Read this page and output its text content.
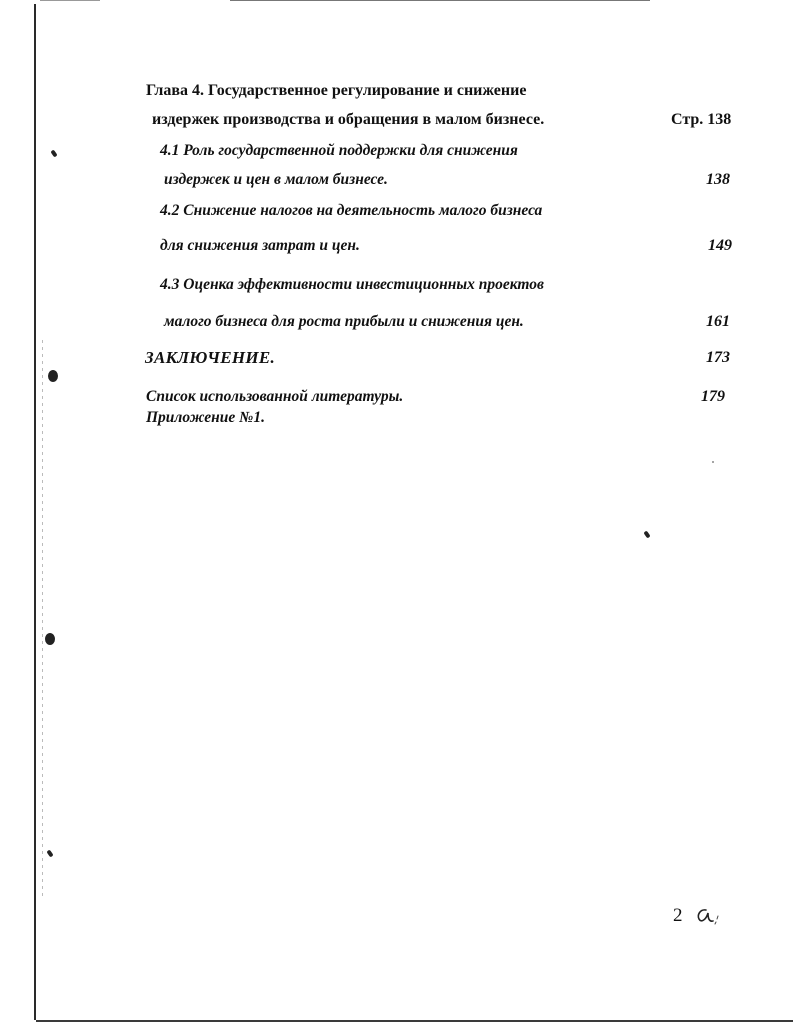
Глава 4. Государственное регулирование и снижение
издержек производства и обращения в малом бизнесе.	Стр. 138
4.1 Роль государственной поддержки для снижения
издержек и цен в малом бизнесе.	138
4.2 Снижение налогов на деятельность малого бизнеса
для снижения затрат и цен.	149
4.3 Оценка эффективности инвестиционных проектов
малого бизнеса для роста прибыли и снижения цен.	161
ЗАКЛЮЧЕНИЕ.	173
Список использованной литературы.	179
Приложение №1.
2
